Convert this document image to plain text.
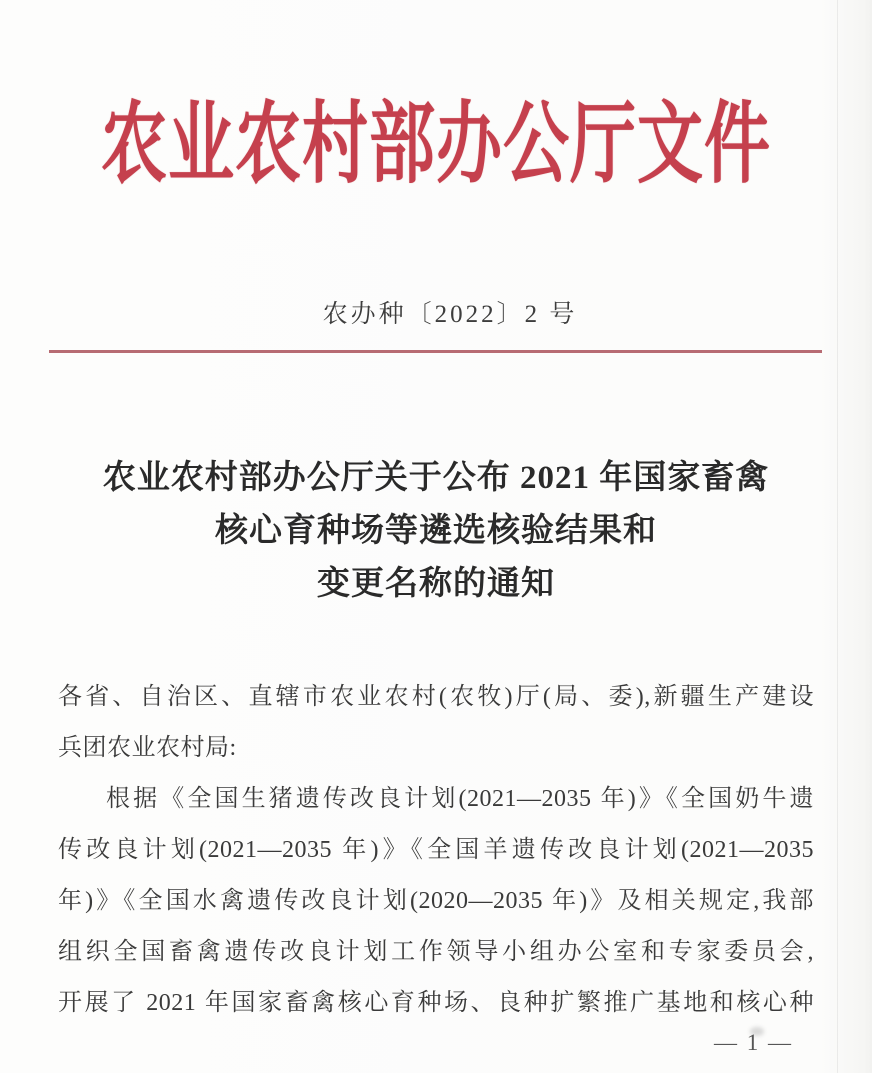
农业农村部办公厅文件
农办种〔2022〕2 号
农业农村部办公厅关于公布 2021 年国家畜禽
核心育种场等遴选核验结果和
变更名称的通知
各省、自治区、直辖市农业农村(农牧)厅(局、委),新疆生产建设
兵团农业农村局:
根据《全国生猪遗传改良计划(2021—2035 年)》《全国奶牛遗
传改良计划(2021—2035 年)》《全国羊遗传改良计划(2021—2035
年)》《全国水禽遗传改良计划(2020—2035 年)》及相关规定,我部
组织全国畜禽遗传改良计划工作领导小组办公室和专家委员会,
开展了 2021 年国家畜禽核心育种场、良种扩繁推广基地和核心种
— 1 —
